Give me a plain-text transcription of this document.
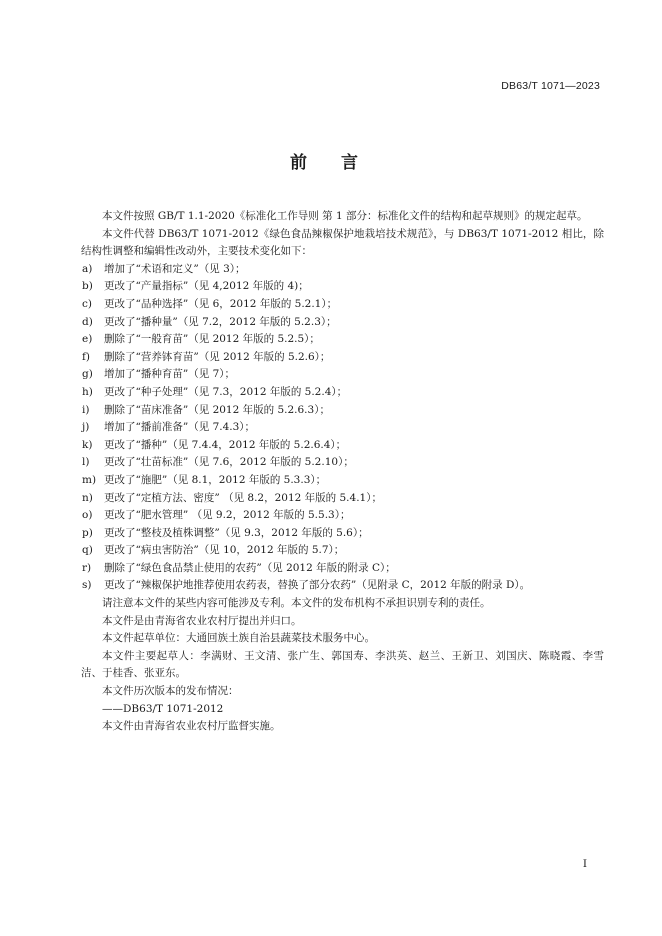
DB63/T 1071—2023
前 言

本文件按照 GB/T 1.1-2020《标准化工作导则 第 1 部分：标准化文件的结构和起草规则》的规定起草。

本文件代替 DB63/T 1071-2012《绿色食品辣椒保护地栽培技术规范》，与 DB63/T 1071-2012 相比，除结构性调整和编辑性改动外，主要技术变化如下：

a) 增加了“术语和定义”（见 3）；
b) 更改了“产量指标”（见 4,2012 年版的 4)；
c) 更改了“品种选择”（见 6，2012 年版的 5.2.1）；
d) 更改了“播种量”（见 7.2，2012 年版的 5.2.3）；
e) 删除了“一般育苗”（见 2012 年版的 5.2.5）；
f) 删除了“营养钵育苗”（见 2012 年版的 5.2.6）；
g) 增加了“播种育苗”（见 7）；
h) 更改了“种子处理”（见 7.3，2012 年版的 5.2.4）；
i) 删除了“苗床准备”（见 2012 年版的 5.2.6.3）；
j) 增加了“播前准备”（见 7.4.3）；
k) 更改了“播种”（见 7.4.4，2012 年版的 5.2.6.4）；
l) 更改了“壮苗标准”（见 7.6，2012 年版的 5.2.10）；
m) 更改了“施肥”（见 8.1，2012 年版的 5.3.3）；
n) 更改了“定植方法、密度” （见 8.2，2012 年版的 5.4.1）；
o) 更改了“肥水管理” （见 9.2，2012 年版的 5.5.3）；
p) 更改了“整枝及植株调整”（见 9.3，2012 年版的 5.6）；
q) 更改了“病虫害防治”（见 10，2012 年版的 5.7）；
r) 删除了“绿色食品禁止使用的农药”（见 2012 年版的附录 C）；
s) 更改了“辣椒保护地推荐使用农药表，替换了部分农药”（见附录 C，2012 年版的附录 D）。

请注意本文件的某些内容可能涉及专利。本文件的发布机构不承担识别专利的责任。

本文件是由青海省农业农村厅提出并归口。

本文件起草单位：大通回族土族自治县蔬菜技术服务中心。

本文件主要起草人：李满财、王文清、张广生、郭国寿、李洪英、赵兰、王新卫、刘国庆、陈晓霞、李雪洁、于桂香、张亚东。

本文件历次版本的发布情况：

——DB63/T 1071-2012

本文件由青海省农业农村厅监督实施。

I
